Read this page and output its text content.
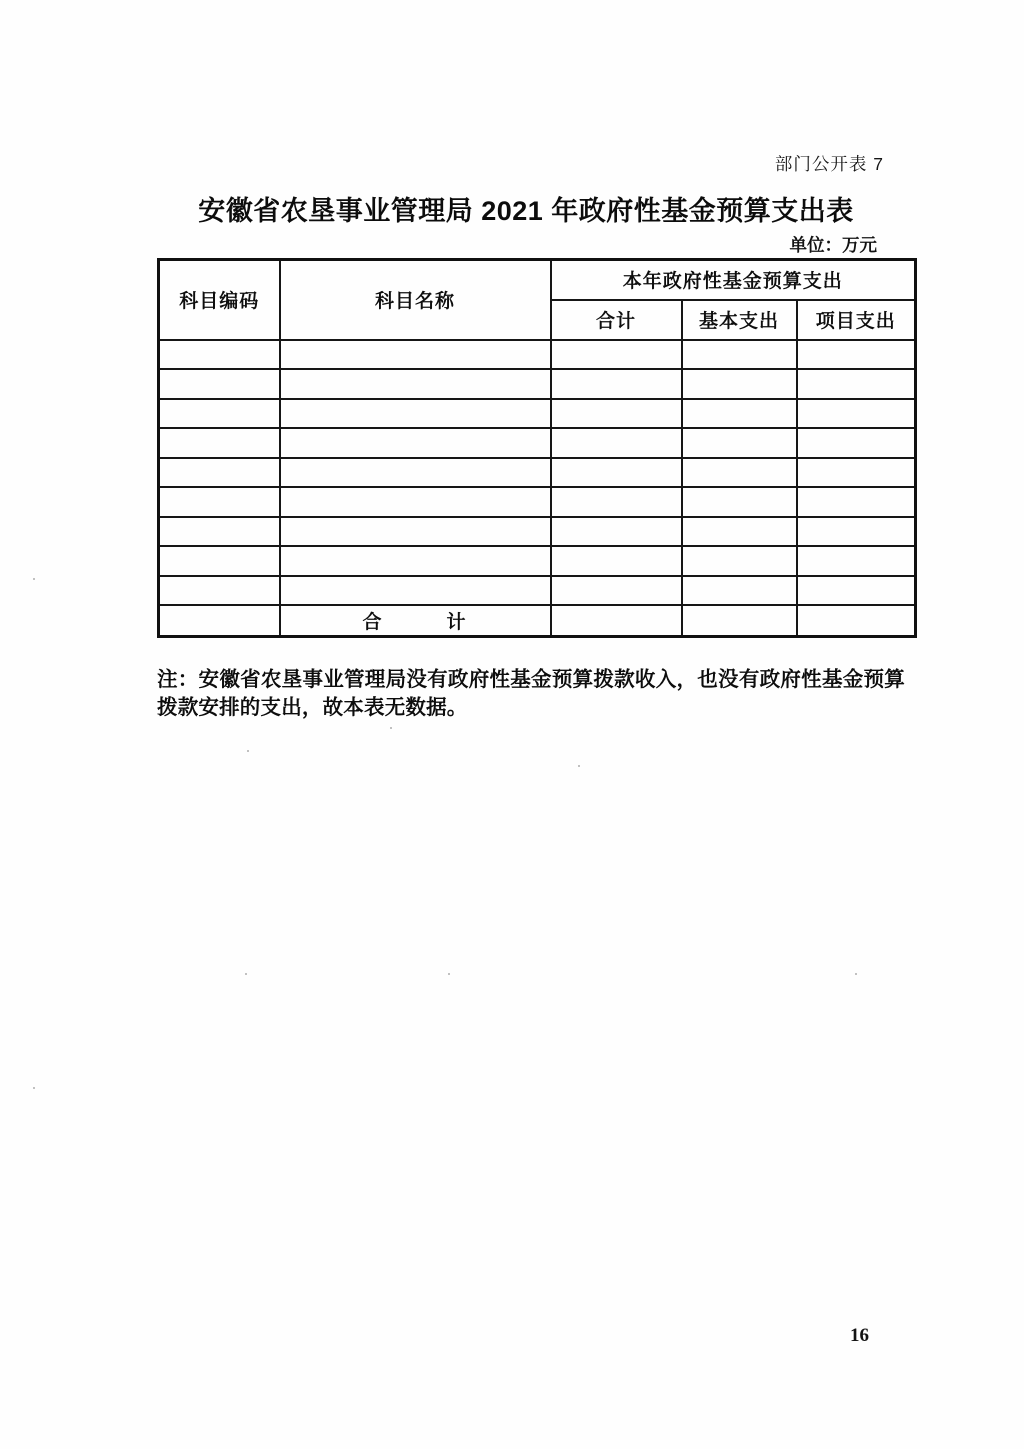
部门公开表 7
安徽省农垦事业管理局 2021 年政府性基金预算支出表
单位：万元
科目编码	科目名称	本年政府性基金预算支出		
		合计	基本支出	项目支出

	合　　　计			

注：安徽省农垦事业管理局没有政府性基金预算拨款收入，也没有政府性基金预算拨款安排的支出，故本表无数据。

16
